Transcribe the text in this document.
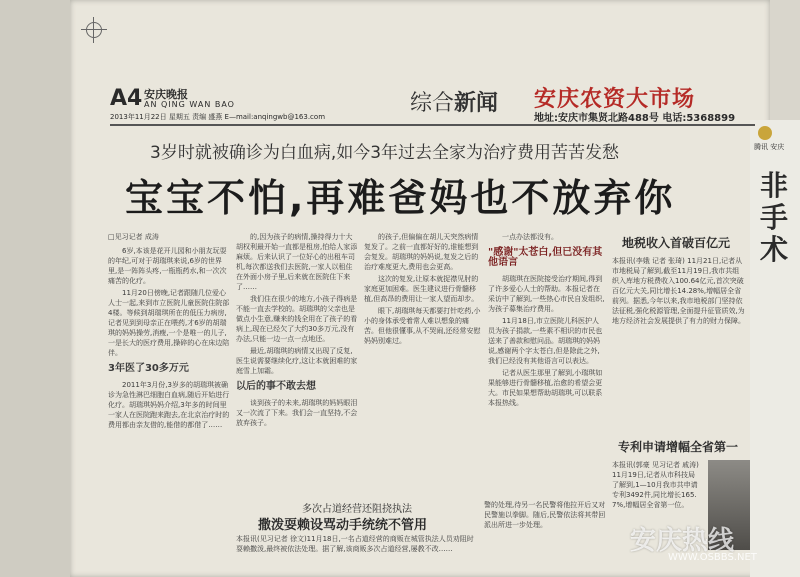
A4 安庆晚报
AN QING WAN BAO
2013年11月22日 星期五 责编 盛燕 E—mail:anqingwb@163.com
综合新闻 安庆农资大市场
地址:安庆市集贤北路488号 电话:5368899
3岁时就被确诊为白血病,如今3年过去全家为治疗费用苦苦发愁
宝宝不怕,再难爸妈也不放弃你
□见习记者 成涛

6岁,本该是花开儿园和小朋友玩耍的年纪,可对于胡瑞琪来说,6岁的世界里,是一阵阵头疼,一瓶瓶药水,和一次次痛苦的化疗。

11月20日傍晚,记者跟随几位爱心人士一起,来到市立医院儿童医院住院部4楼。等候到胡瑞琪所在的低压力病房,记者见到到母亲正在喂药,才6岁的胡瑞琪的妈妈操劳,消瘦,一个是唯一的儿子,一是长大的医疗费用,操碎的心在床边陪伴。

3年医了30多万元

2011年3月份,3岁多的胡瑞琪被确诊为急性淋巴细胞白血病,随后开始进行化疗。胡瑞琪妈妈介绍,3年多的时间里一家人在医院跑来跑去,在北京治疗时的费用都由亲友借的,能借的都借了……

的,因为孩子的病情,操持得力十大胡权利最开始一直都是租房,怕给人家添麻烦。后来认识了一位好心的出租车司机,每次都送我们去医院,一家人以租住在外面小房子里,后来就在医院住下来了……

我们住在很少的地方,小孩子得病是不能一直去学校的。胡瑞琪的父亲也是做点小生意,赚来的钱全用在了孩子的看病上,现在已经欠了大约30多万元,没有办法,只能一边一点一点地还。

最近,胡瑞琪的病情又出现了反复,医生说需要继续化疗,这让本就困难的家庭雪上加霜。

以后的事不敢去想

谈到孩子的未来,胡瑞琪的妈妈眼泪又一次流了下来。我们会一直坚持,不会放弃孩子。

的孩子,但偏偏在胡儿天突然病情复发了。之前一直都好好的,谁能想到会复发。胡瑞琪的妈妈说,复发之后的治疗难度更大,费用也会更高。

这次的复发,让原本就捉襟见肘的家庭更加困难。医生建议进行骨髓移植,但高昂的费用让一家人望而却步。

眼下,胡瑞琪每天都要打针吃药,小小的身体承受着常人难以想象的痛苦。但他很懂事,从不哭闹,还经常安慰妈妈别难过。

一点办法都没有。

"感谢"太苍白,但已没有其他语言

胡瑞琪在医院接受治疗期间,得到了许多爱心人士的帮助。本报记者在采访中了解到,一些热心市民自发组织,为孩子募集治疗费用。

11月18日,市立医院儿科医护人员为孩子捐款,一些素不相识的市民也送来了善款和慰问品。胡瑞琪的妈妈说,感谢两个字太苍白,但是除此之外,我们已经没有其他语言可以表达。

记者从医生那里了解到,小瑞琪如果能够进行骨髓移植,治愈的希望会更大。市民如果想帮助胡瑞琪,可以联系本报热线。

多次占道经营还阻挠执法
撒泼耍赖设骂动手统统不管用
本报讯(见习记者 徐文)11月18日,一名占道经营的商贩在城管执法人员劝阻时耍赖撒泼,最终被依法处理。据了解,该商贩多次占道经营,屡教不改……
警的处理,待另一名民警将他拉开后又对民警施以拳脚。随后,民警依法将其带回派出所进一步处理。
地税收入首破百亿元
本报讯(李娥 记者 张琦) 11月21日,记者从市地税局了解到,截至11月19日,我市共组织入库地方税费收入100.64亿元,首次突破百亿元大关,同比增长14.28%,增幅居全省前列。据悉,今年以来,我市地税部门坚持依法征税,强化税源管理,全面提升征管质效,为地方经济社会发展提供了有力的财力保障。
专利申请增幅全省第一
本报讯(郭豪 见习记者 戚涛)11月19日,记者从市科技局了解到,1—10月我市共申请专利3492件,同比增长165.7%,增幅居全省第一位。
腾讯 安庆
非手术
安庆热线
WWW.OSBBS.NET
